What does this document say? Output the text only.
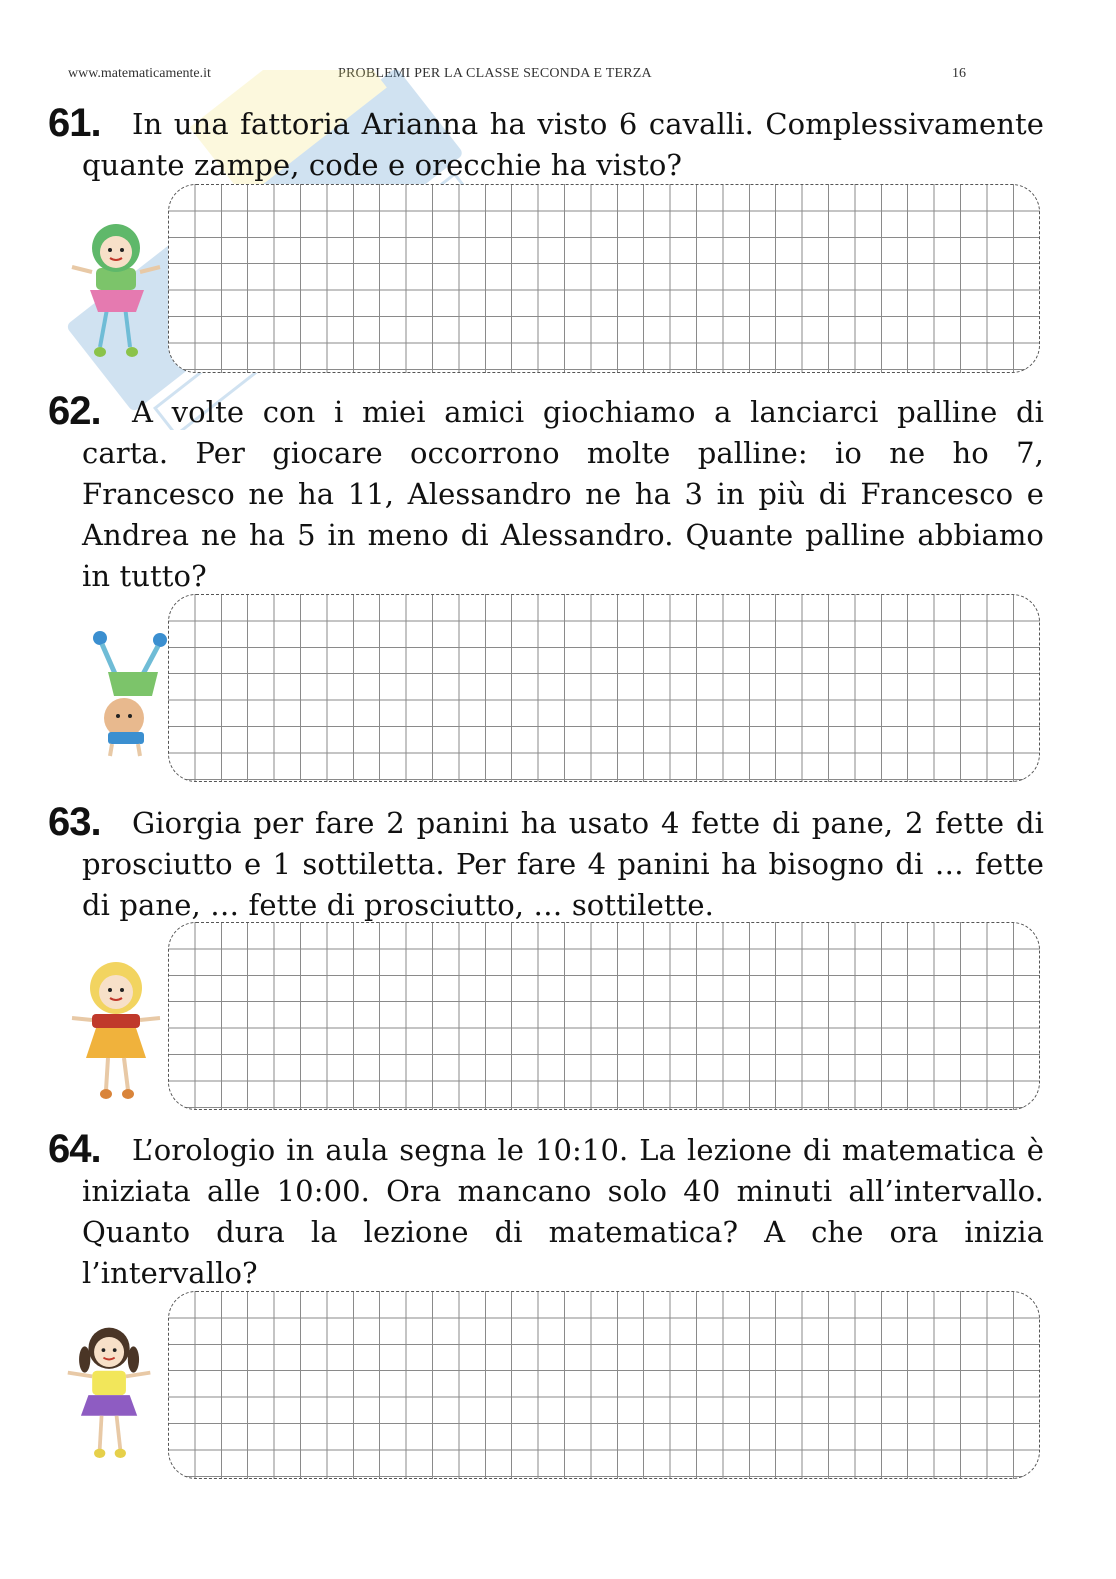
www.matematicamente.it	PROBLEMI PER LA CLASSE SECONDA E TERZA	16
61.	In una fattoria Arianna ha visto 6 cavalli. Complessivamente quante zampe, code e orecchie ha visto?
62.	A volte con i miei amici giochiamo a lanciarci palline di carta. Per giocare occorrono molte palline: io ne ho 7, Francesco ne ha 11, Alessandro ne ha 3 in più di Francesco e Andrea ne ha 5 in meno di Alessandro. Quante palline abbiamo in tutto?
63.	Giorgia per fare 2 panini ha usato 4 fette di pane, 2 fette di prosciutto e 1 sottiletta. Per fare 4 panini ha bisogno di … fette di pane, … fette di prosciutto, … sottilette.
64.	L’orologio in aula segna le 10:10. La lezione di matematica è iniziata alle 10:00. Ora mancano solo 40 minuti all’intervallo. Quanto dura la lezione di matematica? A che ora inizia l’intervallo?
